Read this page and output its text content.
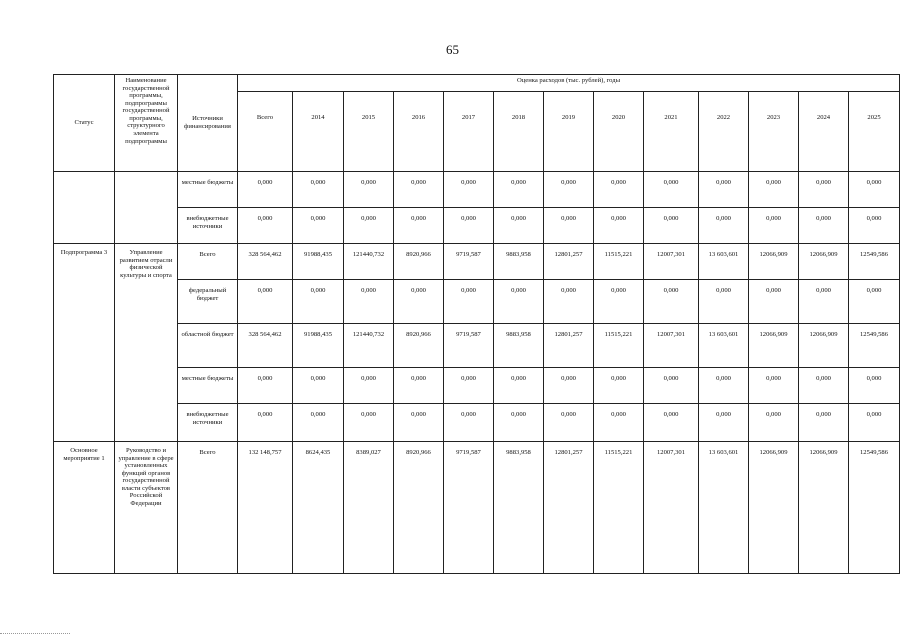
65
Статус	Наименование государственной программы, подпрограммы государственной программы, структурного элемента подпрограммы	Источники финансирования	Оценка расходов (тыс. рублей), годы												
			Всего	2014	2015	2016	2017	2018	2019	2020	2021	2022	2023	2024	2025
		местные бюджеты	0,000	0,000	0,000	0,000	0,000	0,000	0,000	0,000	0,000	0,000	0,000	0,000	0,000
		внебюджетные источники	0,000	0,000	0,000	0,000	0,000	0,000	0,000	0,000	0,000	0,000	0,000	0,000	0,000
Подпрограмма 3	Управление развитием отрасли физической культуры и спорта	Всего	328 564,462	91988,435	121440,732	8920,966	9719,587	9883,958	12801,257	11515,221	12007,301	13 603,601	12066,909	12066,909	12549,586
		федеральный бюджет	0,000	0,000	0,000	0,000	0,000	0,000	0,000	0,000	0,000	0,000	0,000	0,000	0,000
		областной бюджет	328 564,462	91988,435	121440,732	8920,966	9719,587	9883,958	12801,257	11515,221	12007,301	13 603,601	12066,909	12066,909	12549,586
		местные бюджеты	0,000	0,000	0,000	0,000	0,000	0,000	0,000	0,000	0,000	0,000	0,000	0,000	0,000
		внебюджетные источники	0,000	0,000	0,000	0,000	0,000	0,000	0,000	0,000	0,000	0,000	0,000	0,000	0,000
Основное мероприятие 1	Руководство и управление в сфере установленных функций органов государственной власти субъектов Российской Федерации	Всего	132 148,757	8624,435	8389,027	8920,966	9719,587	9883,958	12801,257	11515,221	12007,301	13 603,601	12066,909	12066,909	12549,586
